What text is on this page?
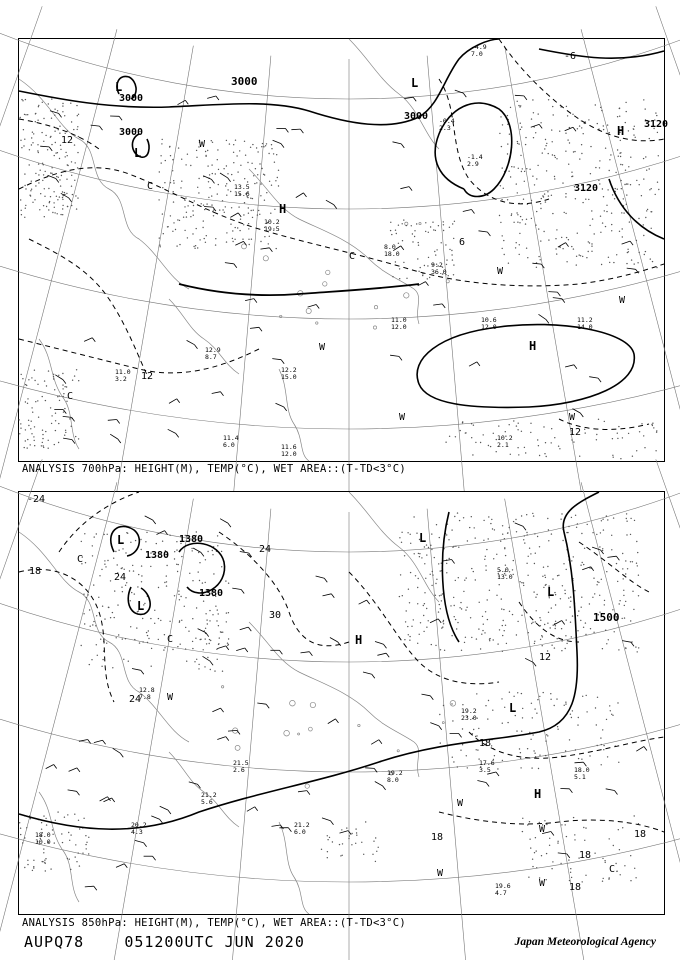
3000
3000
3000
3000
3120
3120
12
12
12
-6
6
L	L
L
H
H
H
C
C
C
W
W
W
W
W	W
10.6
12.0
11.2
14.0
10.2
2.1
11.0
12.0
9.2
36.0
12.9
8.7
11.0
3.2
12.2
15.0
11.4
6.0	11.6
12.0
10.2
19.5
13.5
15.6
-1.4
2.9
-4.9
7.0
-0.4
2.3
8.0
18.0
ANALYSIS 700hPa: HEIGHT(M), TEMP(°C), WET AREA::(T-TD<3°C)
1380
1380
1380
1500
-24
18
24
24
24
30
12
18
18	18
18
18
L
L
L
L
L
H
H
C
C
C
W
W
W
W
W
19.2
8.0
17.6
3.5	18.0
5.1
21.2
6.0
19.6
4.7
18.0
10.0
20.2
4.3
21.2
5.6
19.2
23.0
5.0
13.0
21.5
2.6
12.8
7.8
ANALYSIS 850hPa: HEIGHT(M), TEMP(°C), WET AREA::(T-TD<3°C)
AUPQ78	051200UTC JUN 2020	Japan Meteorological Agency
